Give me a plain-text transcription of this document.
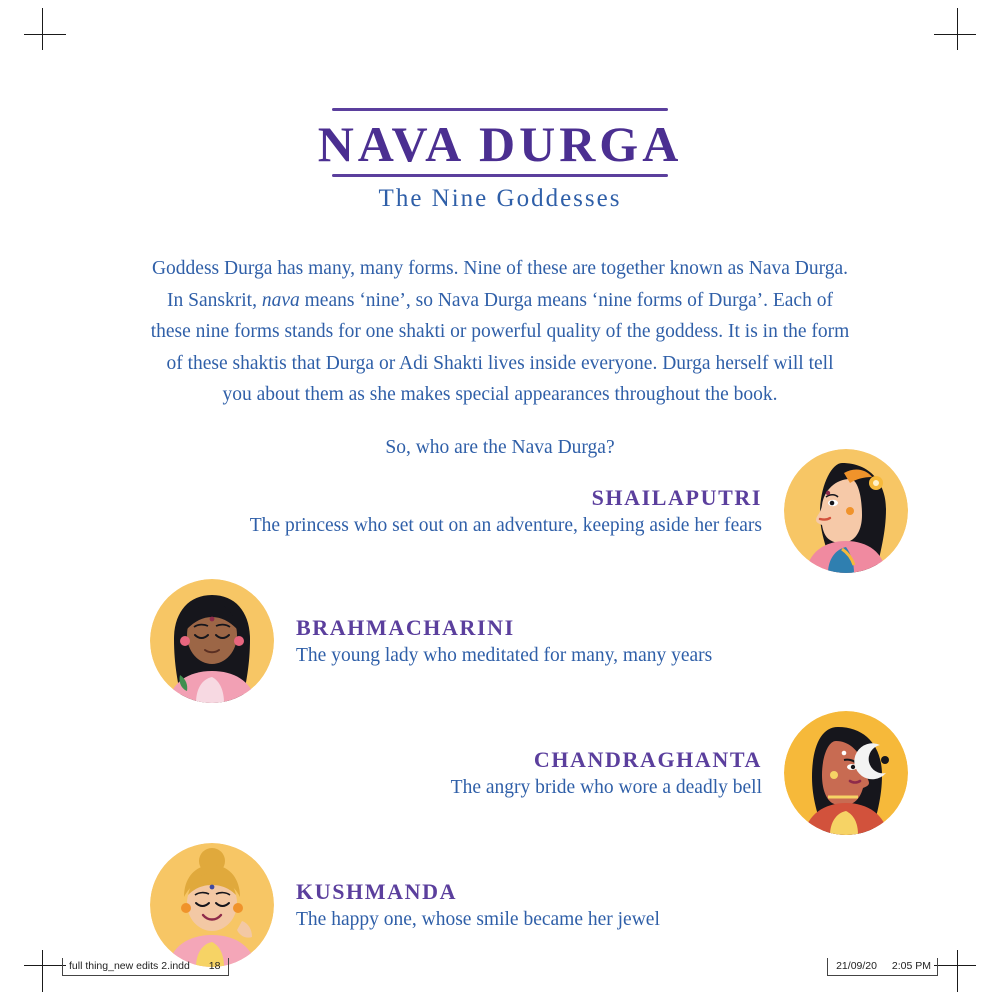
NAVA DURGA
The Nine Goddesses

Goddess Durga has many, many forms. Nine of these are together known as Nava Durga. In Sanskrit, nava means ‘nine’, so Nava Durga means ‘nine forms of Durga’. Each of these nine forms stands for one shakti or powerful quality of the goddess. It is in the form of these shaktis that Durga or Adi Shakti lives inside everyone. Durga herself will tell you about them as she makes special appearances throughout the book.

So, who are the Nava Durga?

SHAILAPUTRI

The princess who set out on an adventure, keeping aside her fears

BRAHMACHARINI

The young lady who meditated for many, many years

CHANDRAGHANTA

The angry bride who wore a deadly bell

KUSHMANDA

The happy one, whose smile became her jewel

full thing_new edits 2.indd 18	21/09/20 2:05 PM
